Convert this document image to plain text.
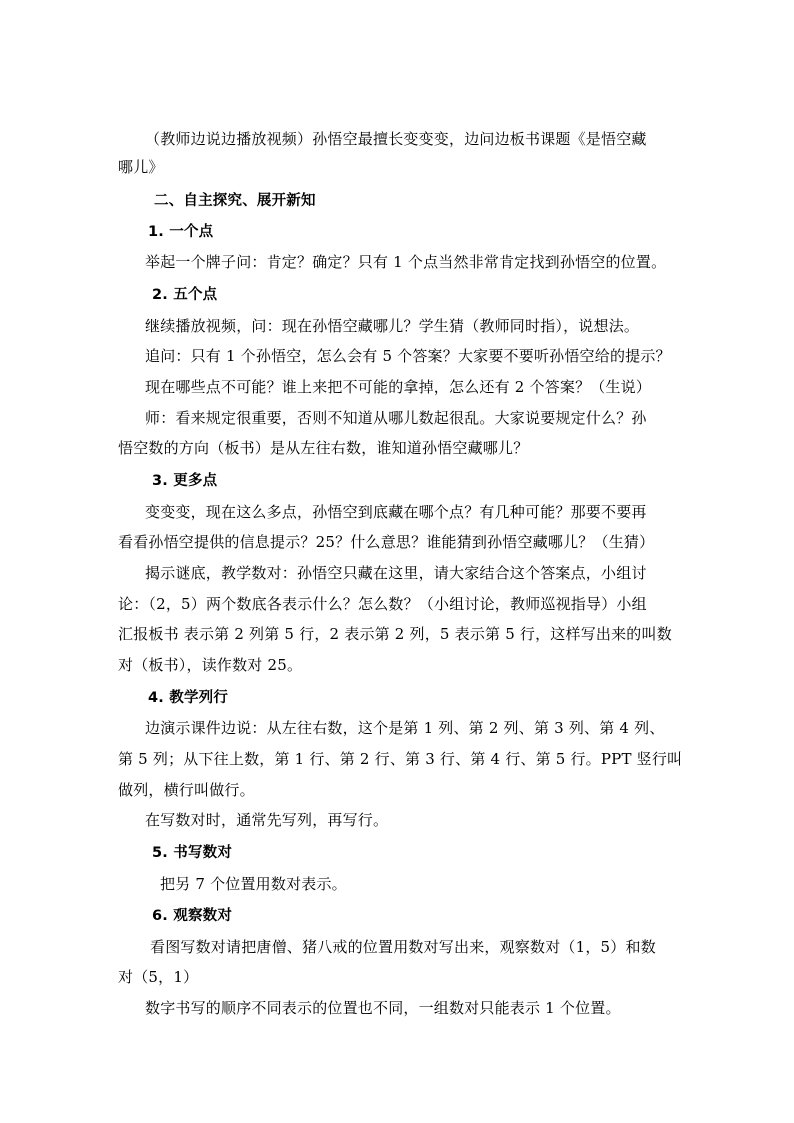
（教师边说边播放视频）孙悟空最擅长变变变，边问边板书课题《是悟空藏
哪儿》
二、自主探究、展开新知
1. 一个点
举起一个牌子问：肯定？确定？只有 1 个点当然非常肯定找到孙悟空的位置。
2. 五个点
继续播放视频，问：现在孙悟空藏哪儿？学生猜（教师同时指），说想法。
追问：只有 1 个孙悟空，怎么会有 5 个答案？大家要不要听孙悟空给的提示？
现在哪些点不可能？谁上来把不可能的拿掉，怎么还有 2 个答案？（生说）
师：看来规定很重要，否则不知道从哪儿数起很乱。大家说要规定什么？孙
悟空数的方向（板书）是从左往右数，谁知道孙悟空藏哪儿？
3. 更多点
变变变，现在这么多点，孙悟空到底藏在哪个点？有几种可能？那要不要再
看看孙悟空提供的信息提示？25？什么意思？谁能猜到孙悟空藏哪儿？（生猜）
揭示谜底，教学数对：孙悟空只藏在这里，请大家结合这个答案点，小组讨
论：（2，5）两个数底各表示什么？怎么数？（小组讨论，教师巡视指导）小组
汇报板书 表示第 2 列第 5 行，2 表示第 2 列，5 表示第 5 行，这样写出来的叫数
对（板书），读作数对 25。
4. 教学列行
边演示课件边说：从左往右数，这个是第 1 列、第 2 列、第 3 列、第 4 列、
第 5 列；从下往上数，第 1 行、第 2 行、第 3 行、第 4 行、第 5 行。PPT 竖行叫
做列，横行叫做行。
在写数对时，通常先写列，再写行。
5. 书写数对
把另 7 个位置用数对表示。
6. 观察数对
看图写数对请把唐僧、猪八戒的位置用数对写出来，观察数对（1，5）和数
对（5，1）
数字书写的顺序不同表示的位置也不同，一组数对只能表示 1 个位置。
